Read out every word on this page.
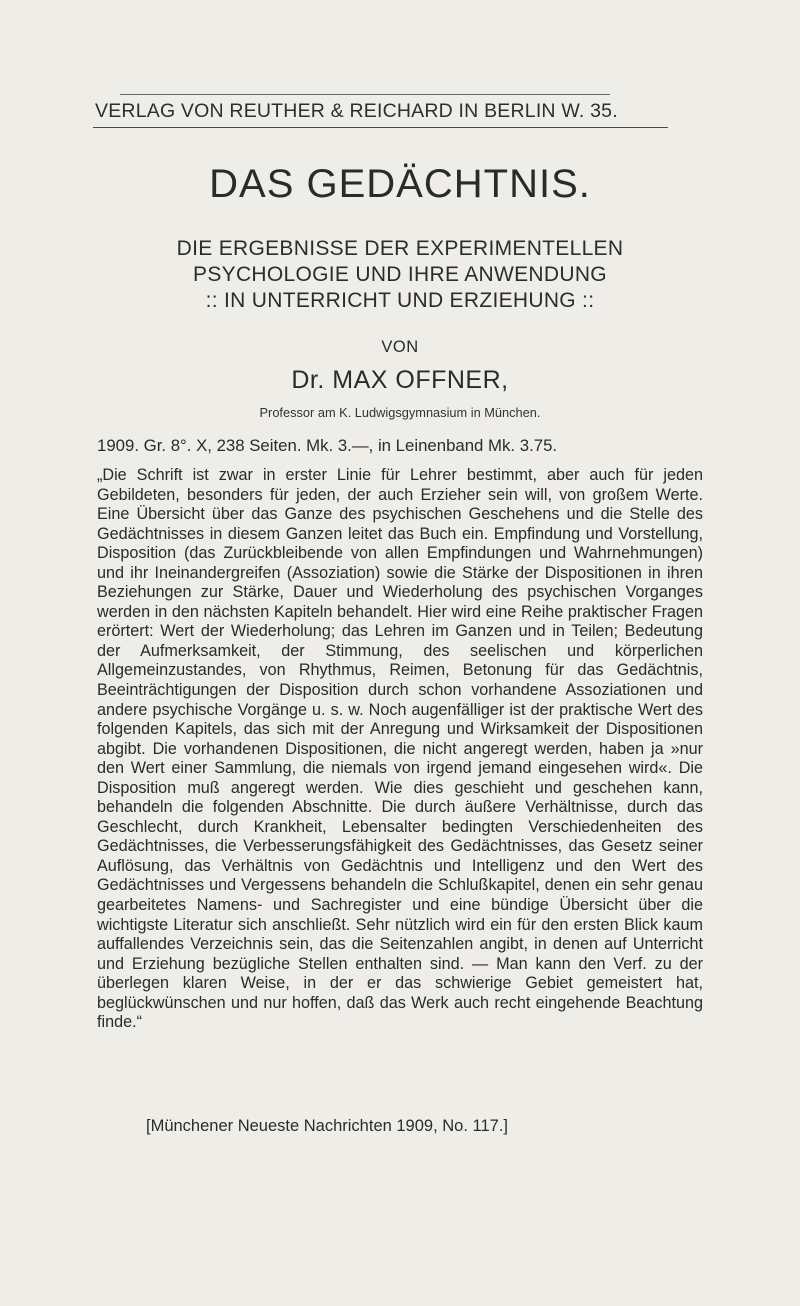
VERLAG VON REUTHER & REICHARD IN BERLIN W. 35.
DAS GEDÄCHTNIS.
DIE ERGEBNISSE DER EXPERIMENTELLEN
PSYCHOLOGIE UND IHRE ANWENDUNG
:: IN UNTERRICHT UND ERZIEHUNG ::
VON
Dr. MAX OFFNER,
Professor am K. Ludwigsgymnasium in München.
1909. Gr. 8°. X, 238 Seiten. Mk. 3.—, in Leinenband Mk. 3.75.
„Die Schrift ist zwar in erster Linie für Lehrer bestimmt, aber auch für jeden Gebildeten, besonders für jeden, der auch Erzieher sein will, von großem Werte. Eine Übersicht über das Ganze des psychischen Geschehens und die Stelle des Gedächtnisses in diesem Ganzen leitet das Buch ein. Empfindung und Vorstellung, Disposition (das Zurückbleibende von allen Empfindungen und Wahrnehmungen) und ihr Ineinandergreifen (Assoziation) sowie die Stärke der Dispositionen in ihren Beziehungen zur Stärke, Dauer und Wiederholung des psychischen Vorganges werden in den nächsten Kapiteln behandelt. Hier wird eine Reihe praktischer Fragen erörtert: Wert der Wiederholung; das Lehren im Ganzen und in Teilen; Bedeutung der Aufmerksamkeit, der Stimmung, des seelischen und körperlichen Allgemeinzustandes, von Rhythmus, Reimen, Betonung für das Gedächtnis, Beeinträchtigungen der Disposition durch schon vorhandene Assoziationen und andere psychische Vorgänge u. s. w. Noch augenfälliger ist der praktische Wert des folgenden Kapitels, das sich mit der Anregung und Wirksamkeit der Dispositionen abgibt. Die vorhandenen Dispositionen, die nicht angeregt werden, haben ja »nur den Wert einer Sammlung, die niemals von irgend jemand eingesehen wird«. Die Disposition muß angeregt werden. Wie dies geschieht und geschehen kann, behandeln die folgenden Abschnitte. Die durch äußere Verhältnisse, durch das Geschlecht, durch Krankheit, Lebensalter bedingten Verschiedenheiten des Gedächtnisses, die Verbesserungsfähigkeit des Gedächtnisses, das Gesetz seiner Auflösung, das Verhältnis von Gedächtnis und Intelligenz und den Wert des Gedächtnisses und Vergessens behandeln die Schlußkapitel, denen ein sehr genau gearbeitetes Namens- und Sachregister und eine bündige Übersicht über die wichtigste Literatur sich anschließt. Sehr nützlich wird ein für den ersten Blick kaum auffallendes Verzeichnis sein, das die Seitenzahlen angibt, in denen auf Unterricht und Erziehung bezügliche Stellen enthalten sind. — Man kann den Verf. zu der überlegen klaren Weise, in der er das schwierige Gebiet gemeistert hat, beglückwünschen und nur hoffen, daß das Werk auch recht eingehende Beachtung finde.“
[Münchener Neueste Nachrichten 1909, No. 117.]
